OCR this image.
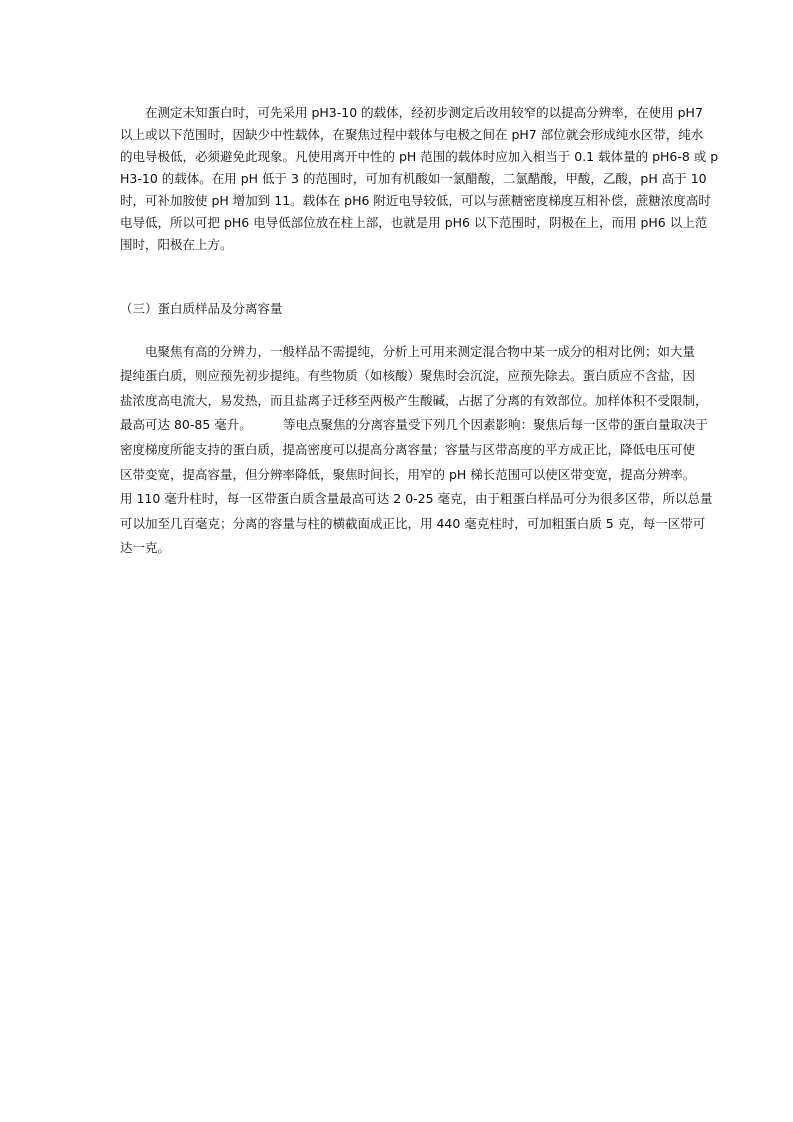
在测定未知蛋白时，可先采用 pH3-10 的载体，经初步测定后改用较窄的以提高分辨率，在使用 pH7
以上或以下范围时，因缺少中性载体，在聚焦过程中载体与电极之间在 pH7 部位就会形成纯水区带，纯水
的电导极低，必须避免此现象。凡使用离开中性的 pH 范围的载体时应加入相当于 0.1 载体量的 pH6-8 或 p
H3-10 的载体。在用 pH 低于 3 的范围时，可加有机酸如一氯醋酸，二氯醋酸，甲酸，乙酸，pH 高于 10
时，可补加胺使 pH 增加到 11。载体在 pH6 附近电导较低，可以与蔗糖密度梯度互相补偿，蔗糖浓度高时
电导低，所以可把 pH6 电导低部位放在柱上部，也就是用 pH6 以下范围时，阴极在上，而用 pH6 以上范
围时，阳极在上方。
（三）蛋白质样品及分离容量
电聚焦有高的分辨力，一般样品不需提纯，分析上可用来测定混合物中某一成分的相对比例；如大量
提纯蛋白质，则应预先初步提纯。有些物质（如核酸）聚焦时会沉淀，应预先除去。蛋白质应不含盐，因
盐浓度高电流大，易发热，而且盐离子迁移至两极产生酸碱，占据了分离的有效部位。加样体积不受限制，
最高可达 80-85 毫升。　　　等电点聚焦的分离容量受下列几个因素影响：聚焦后每一区带的蛋白量取决于
密度梯度所能支持的蛋白质，提高密度可以提高分离容量；容量与区带高度的平方成正比，降低电压可使
区带变宽，提高容量，但分辨率降低，聚焦时间长，用窄的 pH 梯长范围可以使区带变宽，提高分辨率。
用 110 毫升柱时，每一区带蛋白质含量最高可达 2 0-25 毫克，由于粗蛋白样品可分为很多区带，所以总量
可以加至几百毫克；分离的容量与柱的横截面成正比，用 440 毫克柱时，可加粗蛋白质 5 克，每一区带可
达一克。
